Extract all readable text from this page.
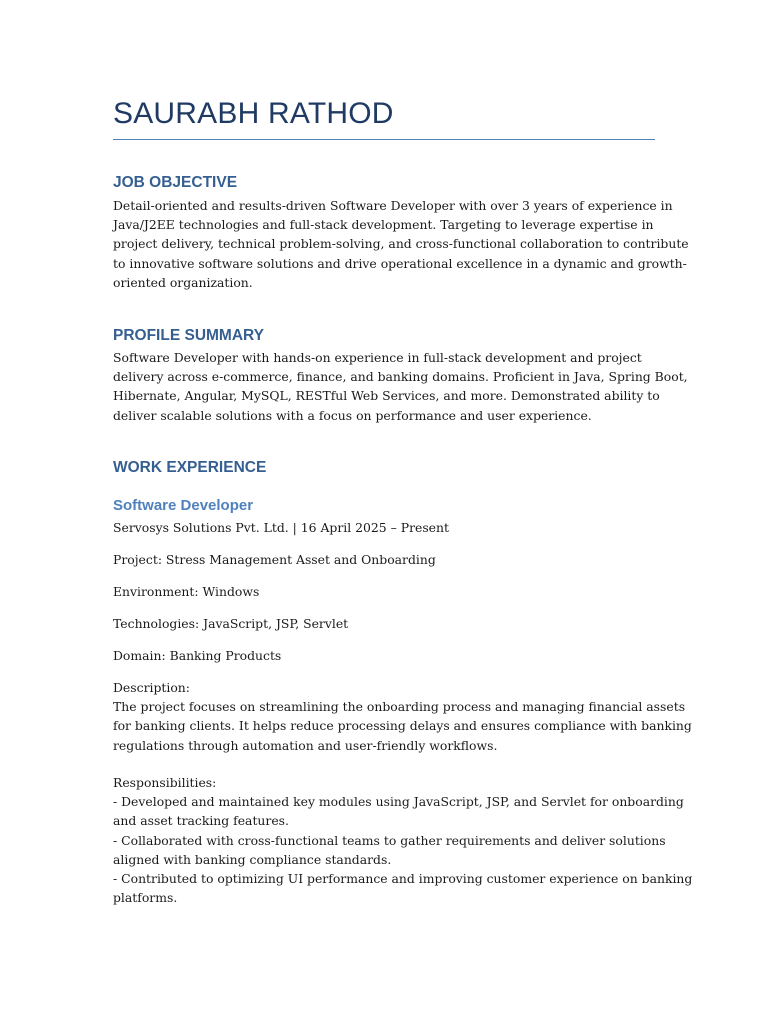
SAURABH RATHOD
JOB OBJECTIVE
Detail-oriented and results-driven Software Developer with over 3 years of experience in
Java/J2EE technologies and full-stack development. Targeting to leverage expertise in
project delivery, technical problem-solving, and cross-functional collaboration to contribute
to innovative software solutions and drive operational excellence in a dynamic and growth-
oriented organization.
PROFILE SUMMARY
Software Developer with hands-on experience in full-stack development and project
delivery across e-commerce, finance, and banking domains. Proficient in Java, Spring Boot,
Hibernate, Angular, MySQL, RESTful Web Services, and more. Demonstrated ability to
deliver scalable solutions with a focus on performance and user experience.
WORK EXPERIENCE
Software Developer
Servosys Solutions Pvt. Ltd. | 16 April 2025 – Present
Project: Stress Management Asset and Onboarding
Environment: Windows
Technologies: JavaScript, JSP, Servlet
Domain: Banking Products
Description:
The project focuses on streamlining the onboarding process and managing financial assets
for banking clients. It helps reduce processing delays and ensures compliance with banking
regulations through automation and user-friendly workflows.
Responsibilities:
- Developed and maintained key modules using JavaScript, JSP, and Servlet for onboarding
and asset tracking features.
- Collaborated with cross-functional teams to gather requirements and deliver solutions
aligned with banking compliance standards.
- Contributed to optimizing UI performance and improving customer experience on banking
platforms.
